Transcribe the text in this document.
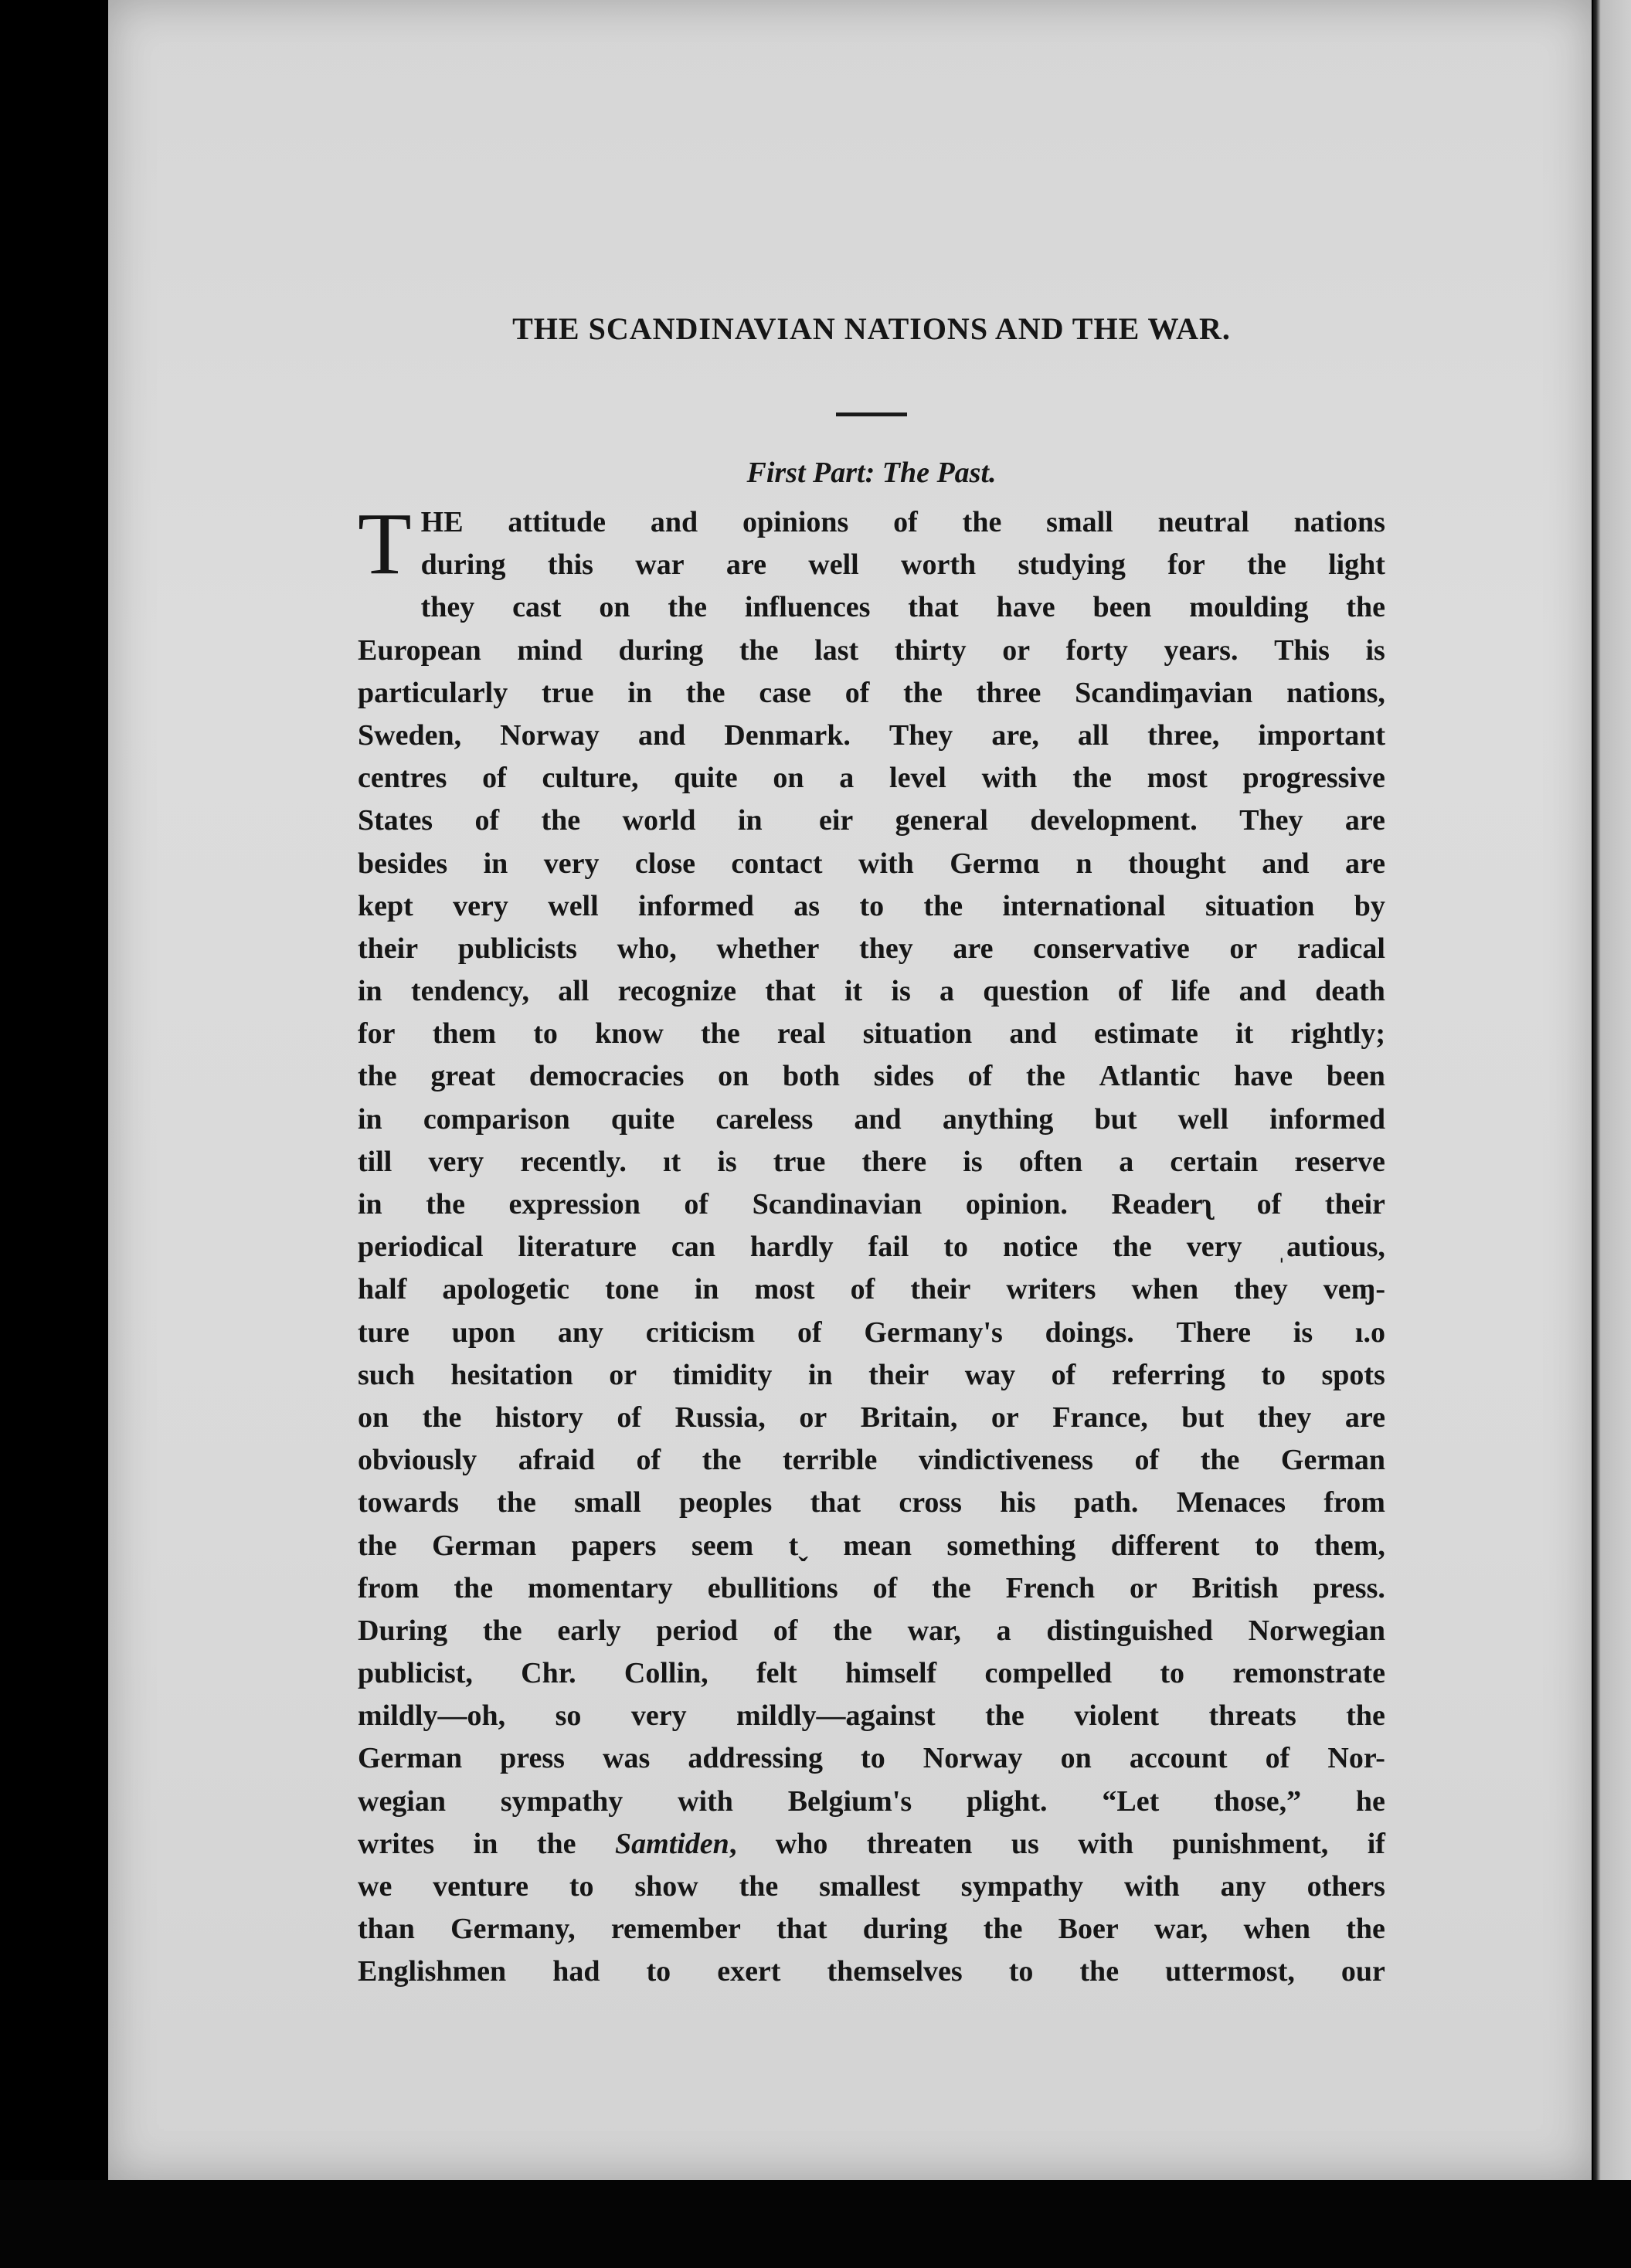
THE SCANDINAVIAN NATIONS AND THE WAR.
First Part: The Past.
T HE attitude and opinions of the small neutral nations
during this war are well worth studying for the light
they cast on the influences that have been moulding the
European mind during the last thirty or forty years. This is
particularly true in the case of the three Scandiɱavian nations,
Sweden, Norway and Denmark. They are, all three, important
centres of culture, quite on a level with the most progressive
States of the world in eir general development. They are
besides in very close contact with Germɑ n thought and are
kept very well informed as to the international situation by
their publicists who, whether they are conservative or radical
in tendency, all recognize that it is a question of life and death
for them to know the real situation and estimate it rightly;
the great democracies on both sides of the Atlantic have been
in comparison quite careless and anything but well informed
till very recently. ıt is true there is often a certain reserve
in the expression of Scandinavian opinion. Readerʅ of their
periodical literature can hardly fail to notice the very ˌautious,
half apologetic tone in most of their writers when they veɱ-
ture upon any criticism of Germany's doings. There is ı.o
such hesitation or timidity in their way of referring to spots
on the history of Russia, or Britain, or France, but they are
obviously afraid of the terrible vindictiveness of the German
towards the small peoples that cross his path. Menaces from
the German papers seem tˬ mean something different to them,
from the momentary ebullitions of the French or British press.
During the early period of the war, a distinguished Norwegian
publicist, Chr. Collin, felt himself compelled to remonstrate
mildly—oh, so very mildly—against the violent threats the
German press was addressing to Norway on account of Nor-
wegian sympathy with Belgium's plight. “Let those,” he
writes in the Samtiden, who threaten us with punishment, if
we venture to show the smallest sympathy with any others
than Germany, remember that during the Boer war, when the
Englishmen had to exert themselves to the uttermost, our
